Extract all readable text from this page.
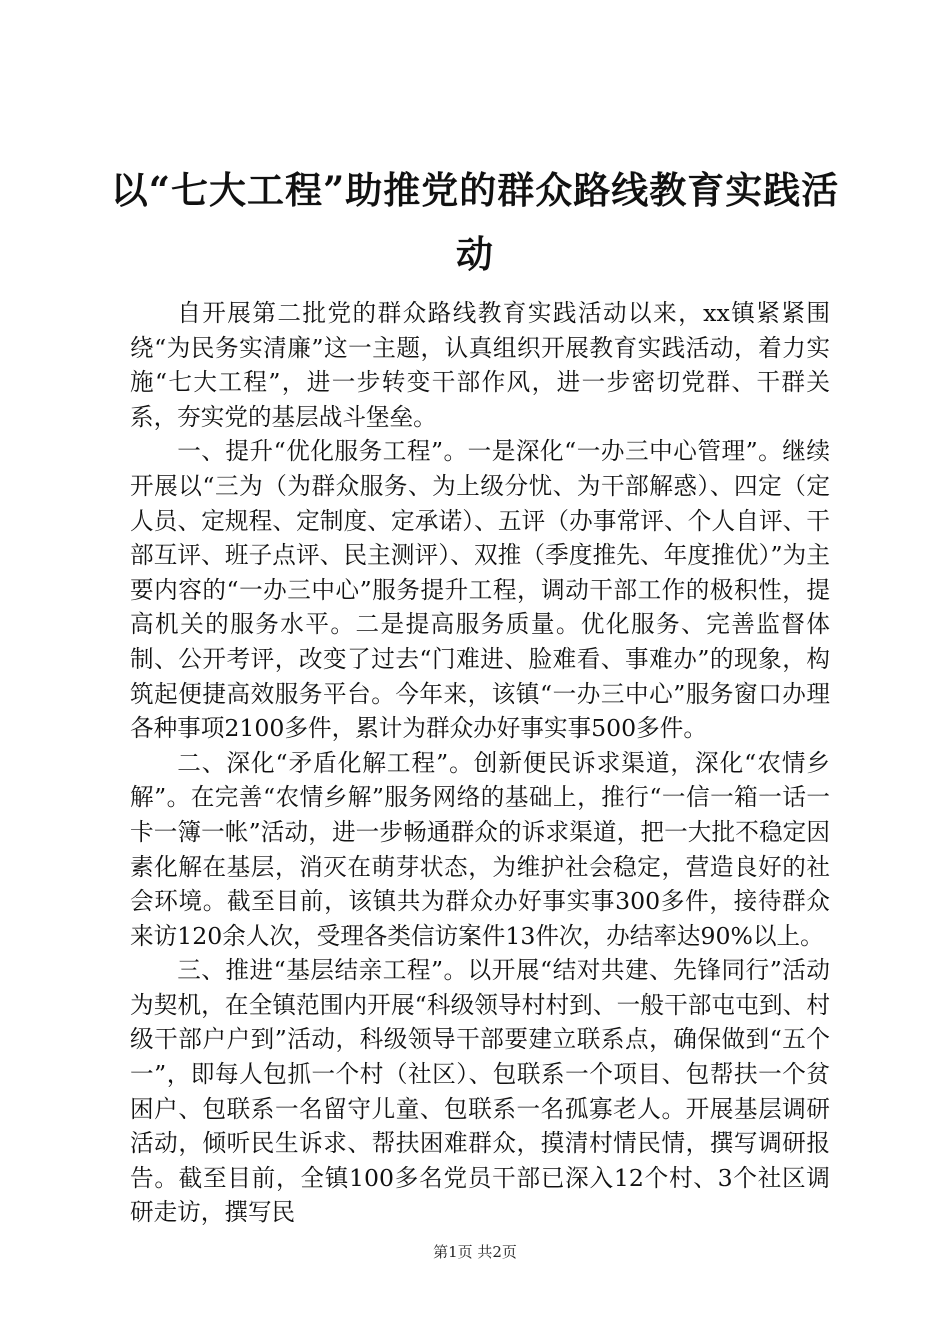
以“七大工程”助推党的群众路线教育实践活动

自开展第二批党的群众路线教育实践活动以来，xx镇紧紧围绕“为民务实清廉”这一主题，认真组织开展教育实践活动，着力实施“七大工程”，进一步转变干部作风，进一步密切党群、干群关系，夯实党的基层战斗堡垒。

一、提升“优化服务工程”。一是深化“一办三中心管理”。继续开展以“三为（为群众服务、为上级分忧、为干部解惑）、四定（定人员、定规程、定制度、定承诺）、五评（办事常评、个人自评、干部互评、班子点评、民主测评）、双推（季度推先、年度推优）”为主要内容的“一办三中心”服务提升工程，调动干部工作的极积性，提高机关的服务水平。二是提高服务质量。优化服务、完善监督体制、公开考评，改变了过去“门难进、脸难看、事难办”的现象，构筑起便捷高效服务平台。今年来，该镇“一办三中心”服务窗口办理各种事项2100多件，累计为群众办好事实事500多件。

二、深化“矛盾化解工程”。创新便民诉求渠道，深化“农情乡解”。在完善“农情乡解”服务网络的基础上，推行“一信一箱一话一卡一簿一帐”活动，进一步畅通群众的诉求渠道，把一大批不稳定因素化解在基层，消灭在萌芽状态，为维护社会稳定，营造良好的社会环境。截至目前，该镇共为群众办好事实事300多件，接待群众来访120余人次，受理各类信访案件13件次，办结率达90%以上。

三、推进“基层结亲工程”。以开展“结对共建、先锋同行”活动为契机，在全镇范围内开展“科级领导村村到、一般干部屯屯到、村级干部户户到”活动，科级领导干部要建立联系点，确保做到“五个一”，即每人包抓一个村（社区）、包联系一个项目、包帮扶一个贫困户、包联系一名留守儿童、包联系一名孤寡老人。开展基层调研活动，倾听民生诉求、帮扶困难群众，摸清村情民情，撰写调研报告。截至目前，全镇100多名党员干部已深入12个村、3个社区调研走访，撰写民

第1页 共2页
